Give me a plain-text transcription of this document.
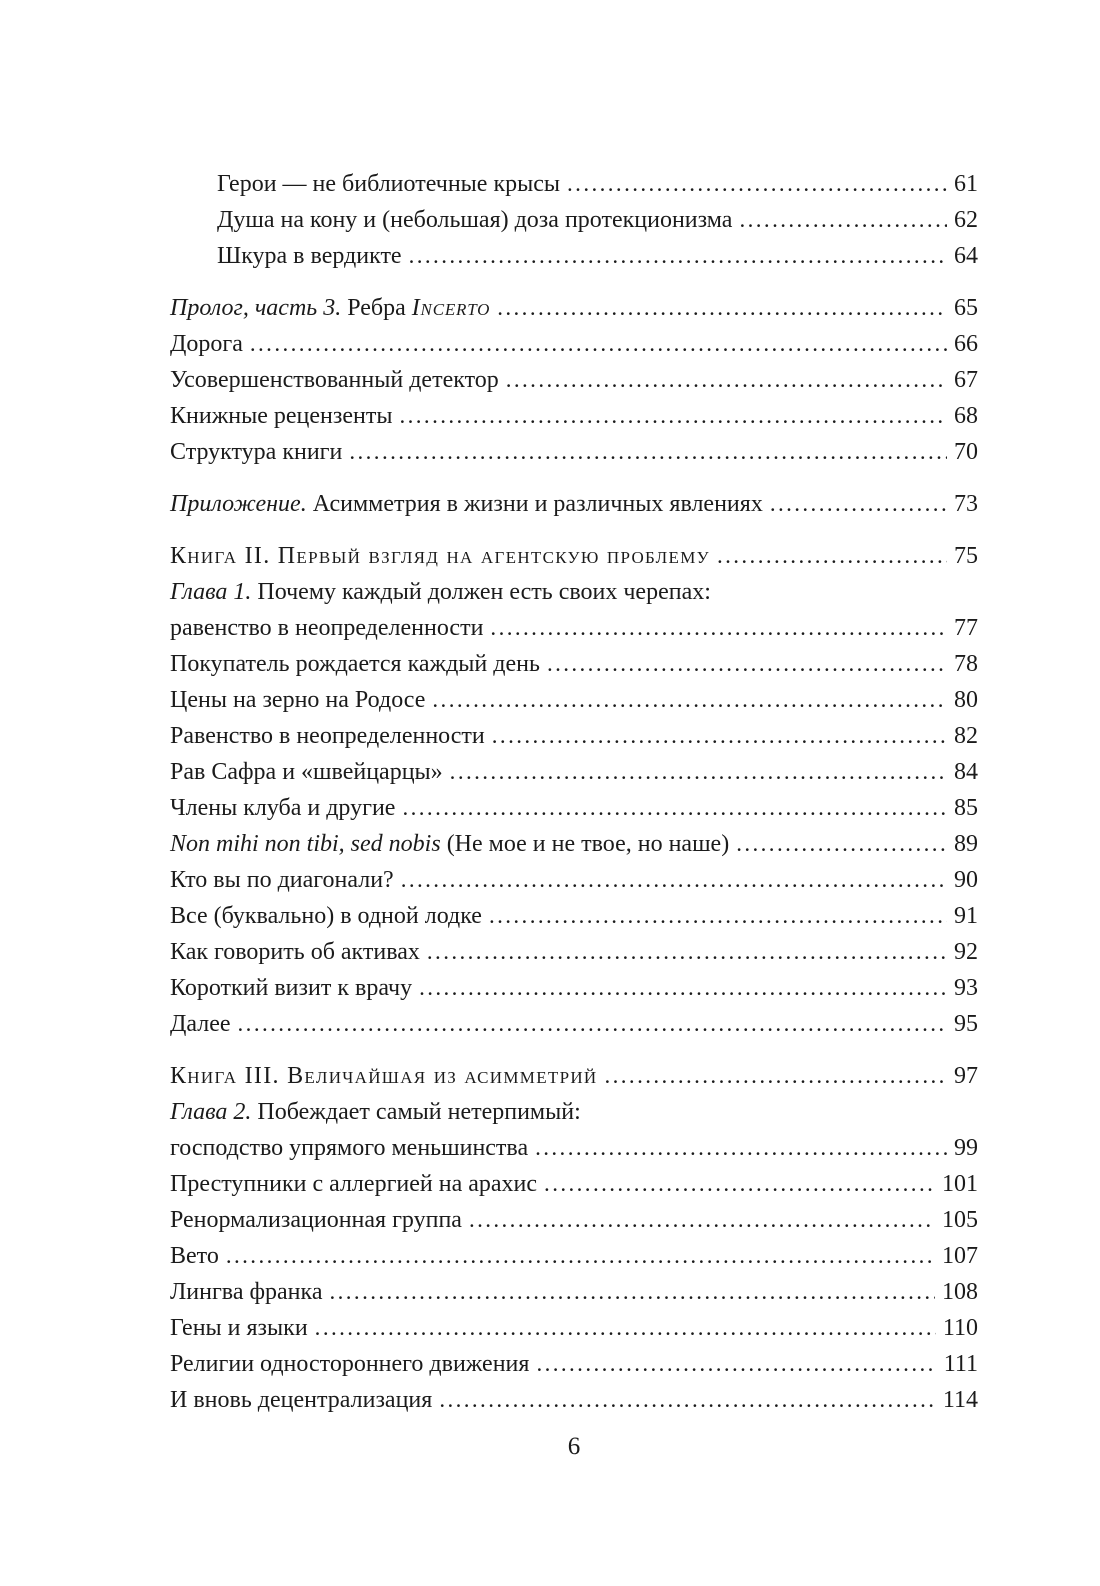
Герои — не библиотечные крысы .....	61
Душа на кону и (небольшая) доза протекционизма .....	62
Шкура в вердикте .....	64
Пролог, часть 3. Ребра Incerto .....	65
Дорога .....	66
Усовершенствованный детектор .....	67
Книжные рецензенты .....	68
Структура книги .....	70
Приложение. Асимметрия в жизни и различных явлениях .....	73
Книга II. Первый взгляд на агентскую проблему .....	75
Глава 1. Почему каждый должен есть своих черепах:
равенство в неопределенности .....	77
Покупатель рождается каждый день .....	78
Цены на зерно на Родосе .....	80
Равенство в неопределенности .....	82
Рав Сафра и «швейцарцы» .....	84
Члены клуба и другие .....	85
Non mihi non tibi, sed nobis (Не мое и не твое, но наше) .....	89
Кто вы по диагонали? .....	90
Все (буквально) в одной лодке .....	91
Как говорить об активах .....	92
Короткий визит к врачу .....	93
Далее .....	95
Книга III. Величайшая из асимметрий .....	97
Глава 2. Побеждает самый нетерпимый:
господство упрямого меньшинства .....	99
Преступники с аллергией на арахис .....	101
Ренормализационная группа .....	105
Вето .....	107
Лингва франка .....	108
Гены и языки .....	110
Религии одностороннего движения .....	111
И вновь децентрализация .....	114
6
